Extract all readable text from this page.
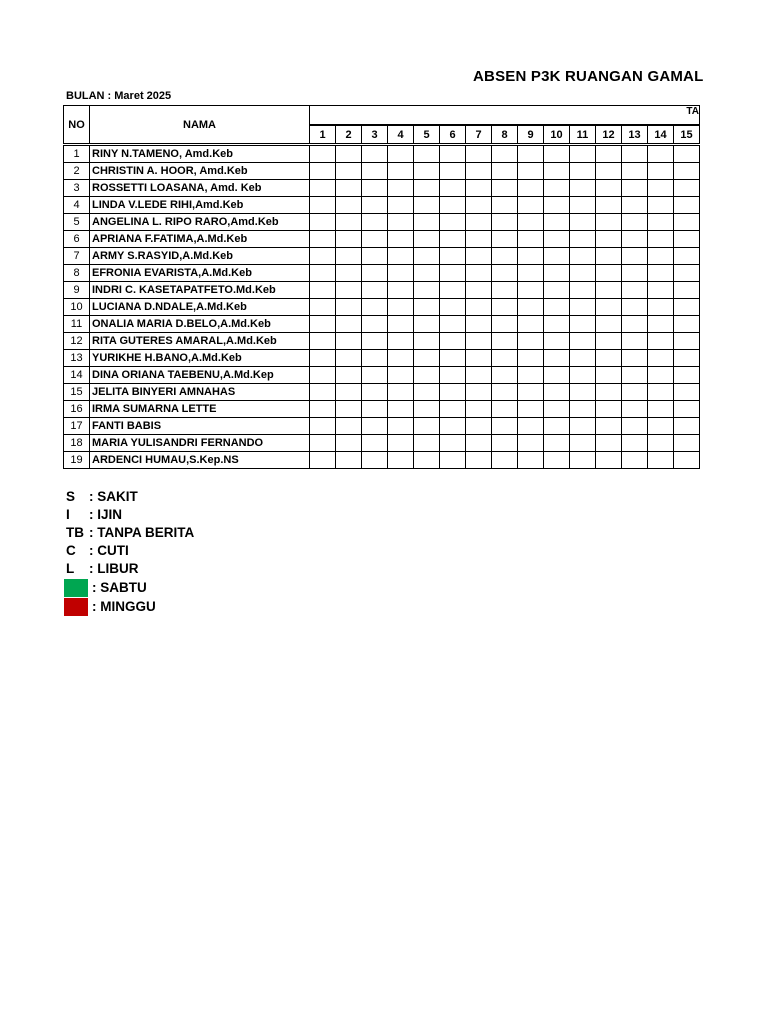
ABSEN P3K RUANGAN GAMAL
BULAN : Maret 2025
NO	NAMA	TA														
		1	2	3	4	5	6	7	8	9	10	11	12	13	14	15
1	RINY N.TAMENO, Amd.Keb															
2	CHRISTIN A. HOOR, Amd.Keb															
3	ROSSETTI LOASANA, Amd. Keb															
4	LINDA V.LEDE RIHI,Amd.Keb															
5	ANGELINA L. RIPO RARO,Amd.Keb															
6	APRIANA F.FATIMA,A.Md.Keb															
7	ARMY S.RASYID,A.Md.Keb															
8	EFRONIA EVARISTA,A.Md.Keb															
9	INDRI C. KASETAPATFETO.Md.Keb															
10	LUCIANA D.NDALE,A.Md.Keb															
11	ONALIA MARIA D.BELO,A.Md.Keb															
12	RITA GUTERES AMARAL,A.Md.Keb															
13	YURIKHE H.BANO,A.Md.Keb															
14	DINA ORIANA TAEBENU,A.Md.Kep															
15	JELITA BINYERI AMNAHAS															
16	IRMA SUMARNA LETTE															
17	FANTI BABIS															
18	MARIA YULISANDRI FERNANDO															
19	ARDENCI HUMAU,S.Kep.NS															
S	: SAKIT
I	: IJIN
TB : TANPA BERITA
C : CUTI
L	: LIBUR
: SABTU
: MINGGU
